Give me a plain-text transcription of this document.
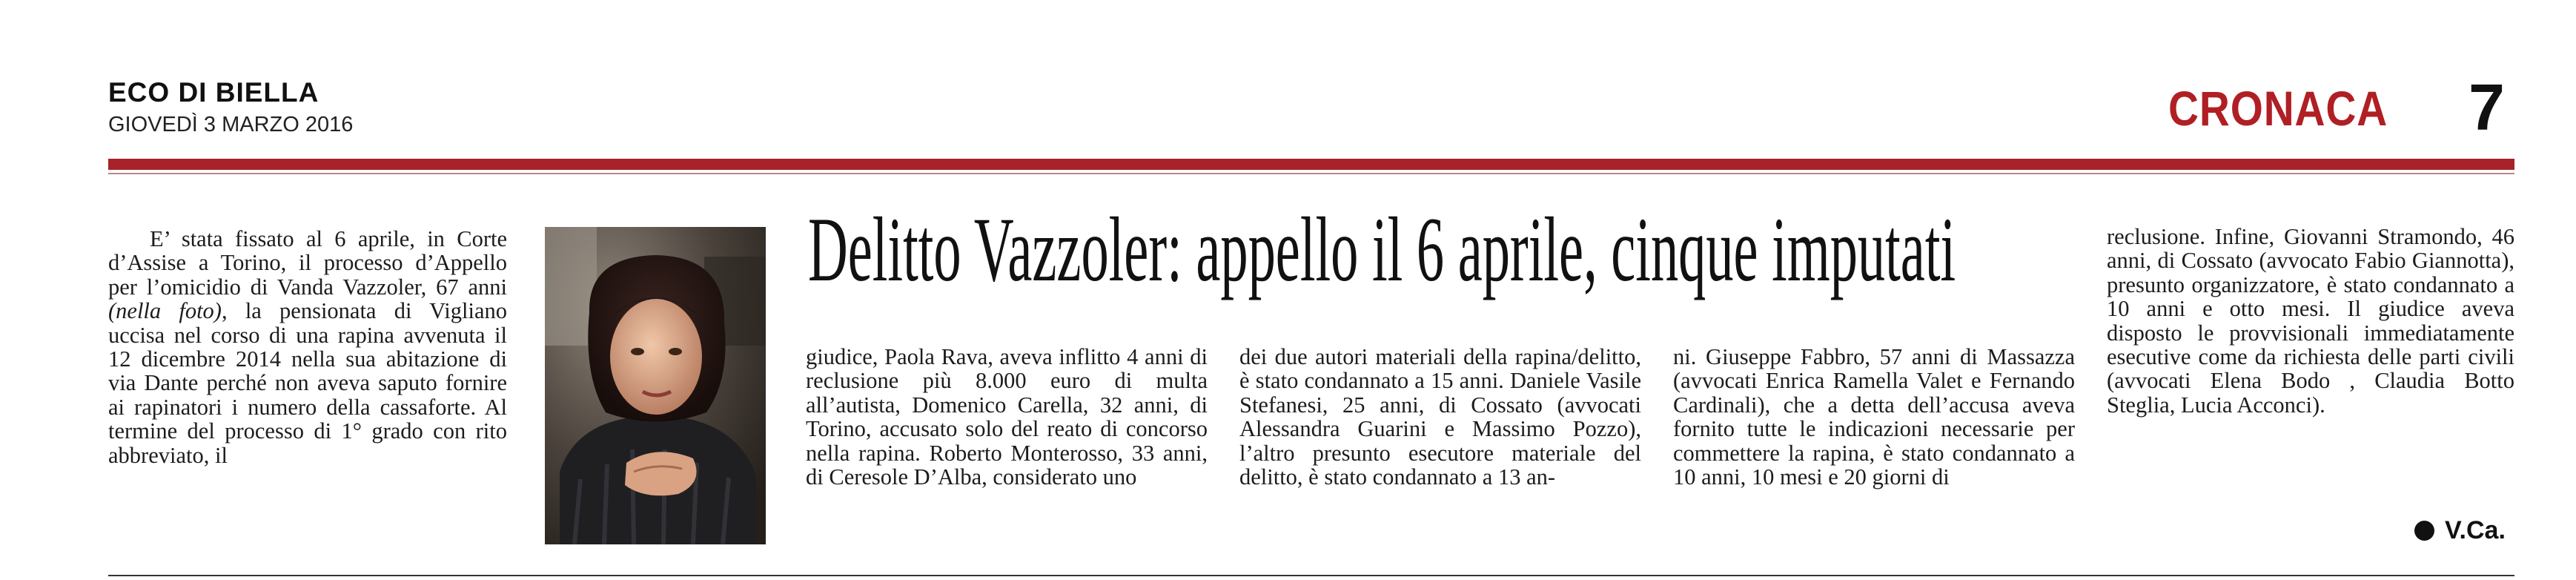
ECO DI BIELLA
GIOVEDÌ 3 MARZO 2016	CRONACA 7
E’ stata fissato al 6 aprile, in Corte d’Assise a Torino, il processo d’Appello per l’omicidio di Vanda Vazzoler, 67 anni (nella foto), la pensionata di Vigliano uccisa nel corso di una rapina avvenuta il 12 dicembre 2014 nella sua abitazione di via Dante perché non aveva saputo fornire ai rapinatori i numero della cassaforte. Al termine del processo di 1° grado con rito abbreviato, il
Delitto Vazzoler: appello il 6 aprile, cinque imputati
giudice, Paola Rava, aveva inflitto 4 anni di reclusione più 8.000 euro di multa all’autista, Domenico Carella, 32 anni, di Torino, accusato solo del reato di concorso nella rapina. Roberto Monterosso, 33 anni, di Ceresole D’Alba, considerato uno
dei due autori materiali della rapina/delitto, è stato condannato a 15 anni. Daniele Vasile Stefanesi, 25 anni, di Cossato (avvocati Alessandra Guarini e Massimo Pozzo), l’altro presunto esecutore materiale del delitto, è stato condannato a 13 an-
ni. Giuseppe Fabbro, 57 anni di Massazza (avvocati Enrica Ramella Valet e Fernando Cardinali), che a detta dell’accusa aveva fornito tutte le indicazioni necessarie per commettere la rapina, è stato condannato a 10 anni, 10 mesi e 20 giorni di
reclusione. Infine, Giovanni Stramondo, 46 anni, di Cossato (avvocato Fabio Giannotta), presunto organizzatore, è stato condannato a 10 anni e otto mesi. Il giudice aveva disposto le provvisionali immediatamente esecutive come da richiesta delle parti civili (avvocati Elena Bodo , Claudia Botto Steglia, Lucia Acconci).
V.Ca.
